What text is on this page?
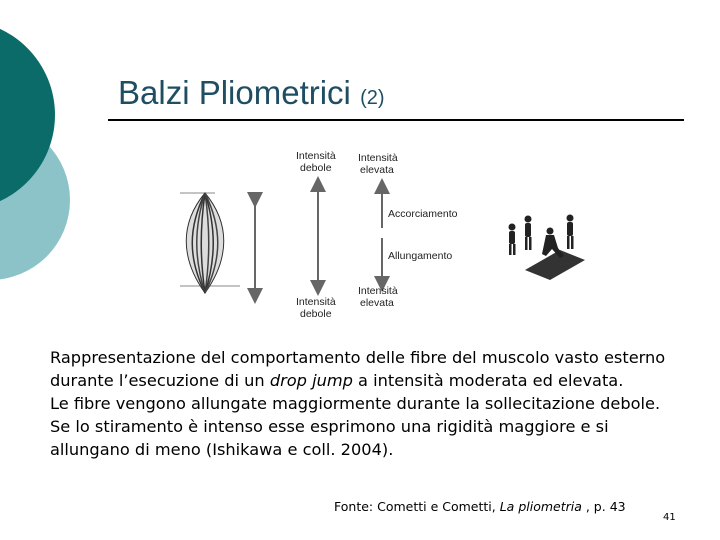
Balzi Pliometrici (2)
Intensità
debole
Intensità
elevata
Accorciamento
Allungamento
Intensità
debole
Intensità
elevata

Rappresentazione del comportamento delle fibre del muscolo vasto esterno durante l’esecuzione di un drop jump a intensità moderata ed elevata.

Le fibre vengono allungate maggiormente durante la sollecitazione debole. Se lo stiramento è intenso esse esprimono una rigidità maggiore e si allungano di meno (Ishikawa e coll. 2004).

Fonte: Cometti e Cometti, La pliometria , p. 43
41
